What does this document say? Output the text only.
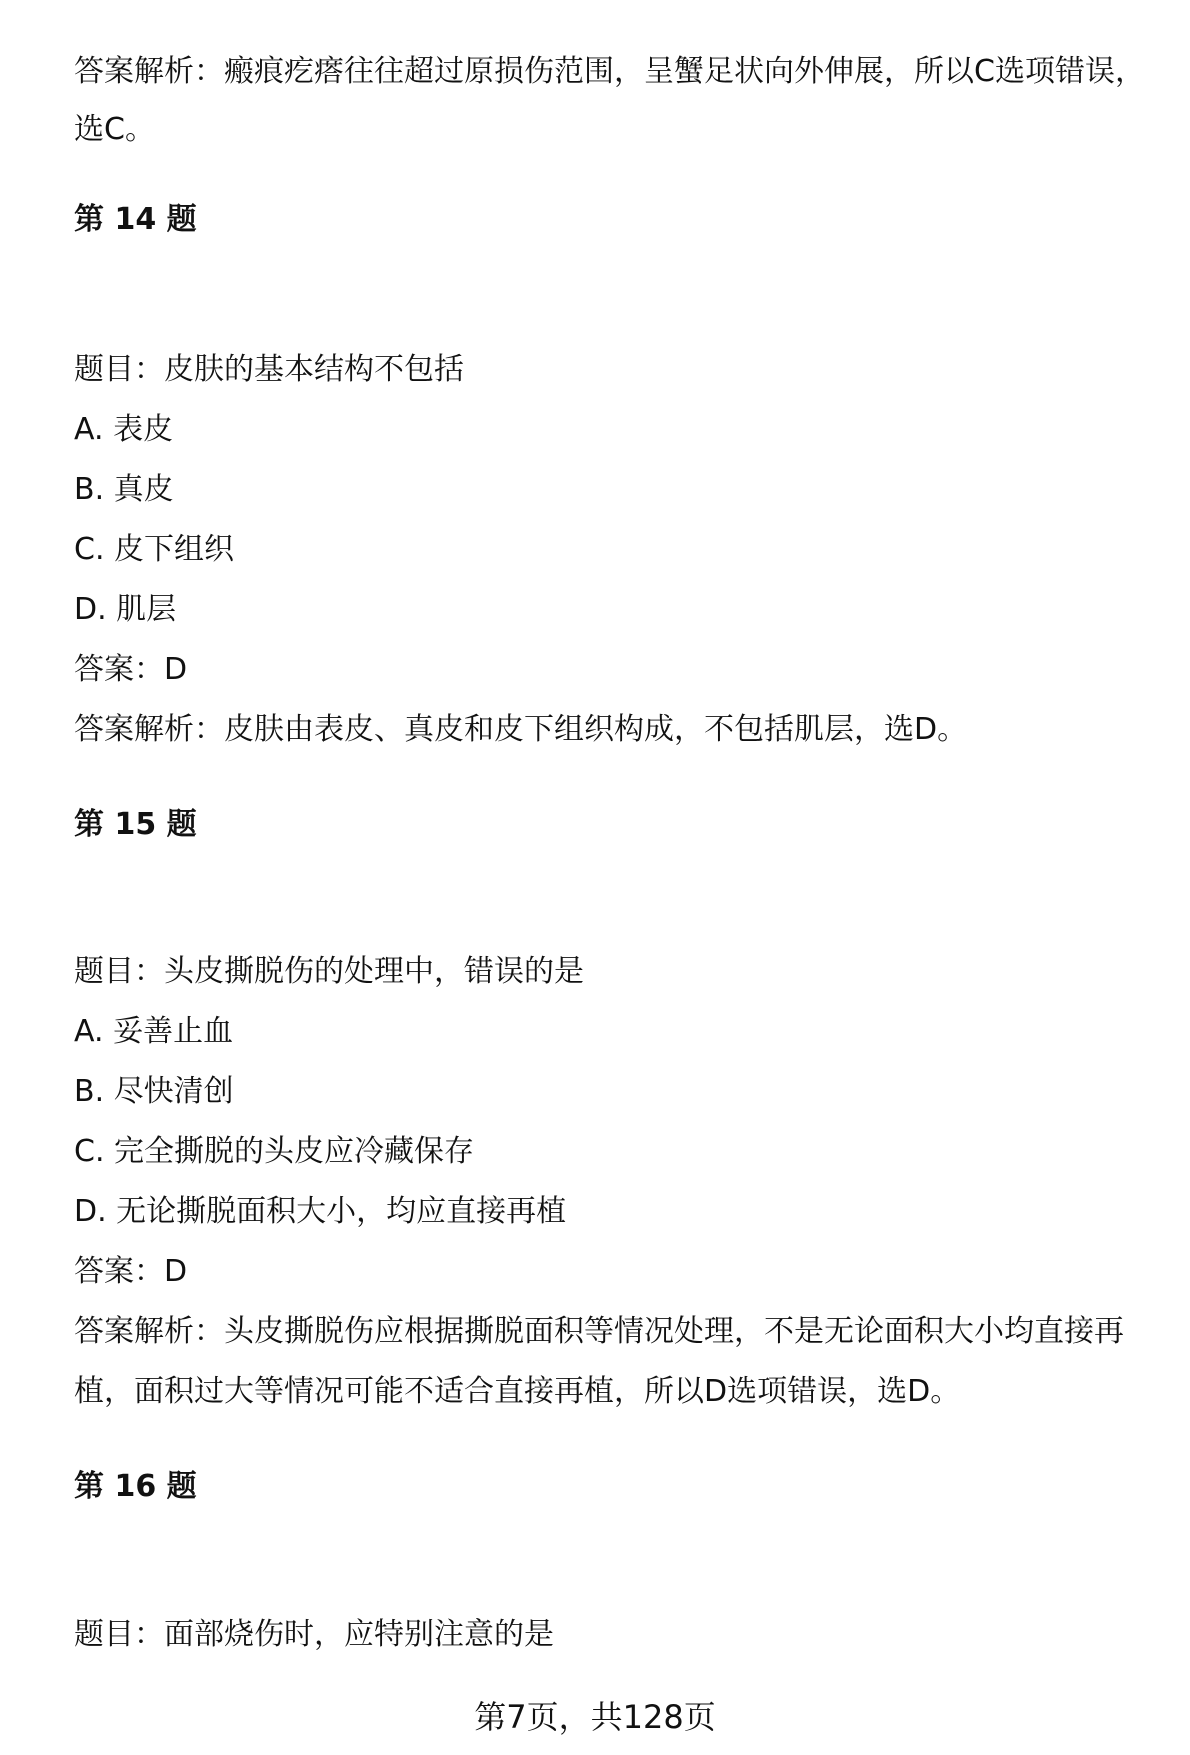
答案解析：瘢痕疙瘩往往超过原损伤范围，呈蟹足状向外伸展，所以C选项错误，
选C。
第 14 题
题目：皮肤的基本结构不包括
A. 表皮
B. 真皮
C. 皮下组织
D. 肌层
答案：D
答案解析：皮肤由表皮、真皮和皮下组织构成，不包括肌层，选D。
第 15 题
题目：头皮撕脱伤的处理中，错误的是
A. 妥善止血
B. 尽快清创
C. 完全撕脱的头皮应冷藏保存
D. 无论撕脱面积大小，均应直接再植
答案：D
答案解析：头皮撕脱伤应根据撕脱面积等情况处理，不是无论面积大小均直接再
植，面积过大等情况可能不适合直接再植，所以D选项错误，选D。
第 16 题
题目：面部烧伤时，应特别注意的是
第7页，共128页
